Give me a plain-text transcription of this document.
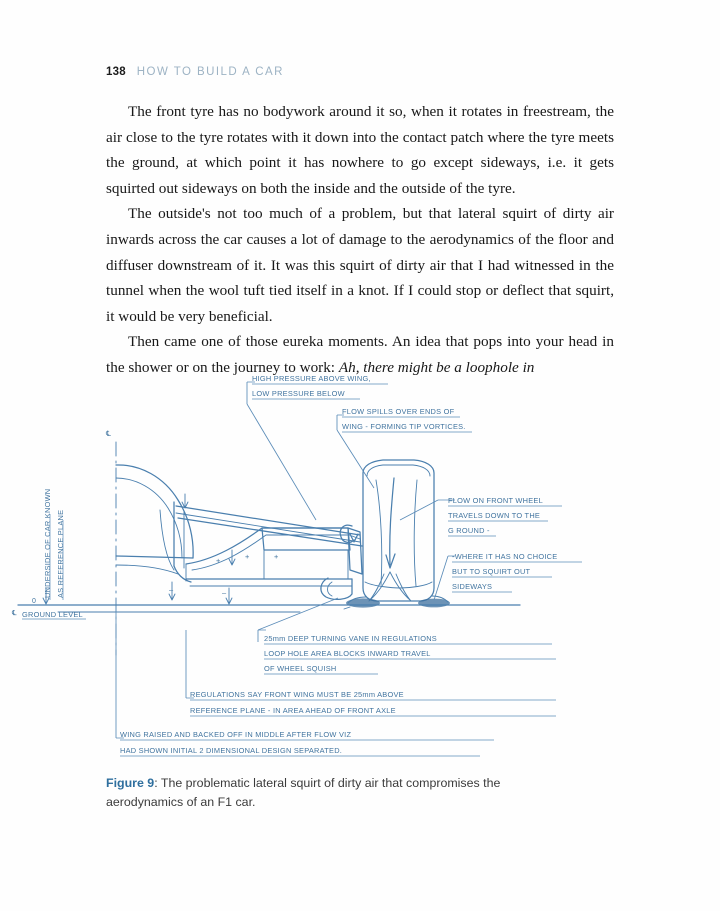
138 HOW TO BUILD A CAR

The front tyre has no bodywork around it so, when it rotates in freestream, the air close to the tyre rotates with it down into the contact patch where the tyre meets the ground, at which point it has nowhere to go except sideways, i.e. it gets squirted out sideways on both the inside and the outside of the tyre.

The outside's not too much of a problem, but that lateral squirt of dirty air inwards across the car causes a lot of damage to the aerodynamics of the floor and diffuser downstream of it. It was this squirt of dirty air that I had witnessed in the tunnel when the wool tuft tied itself in a knot. If I could stop or deflect that squirt, it would be very beneficial.

Then came one of those eureka moments. An idea that pops into your head in the shower or on the journey to work: Ah, there might be a loophole in

+	+	+
–	–
℄
0
℄ GROUND LEVEL
UNDERSIDE OF CAR KNOWN AS REFERENCE PLANE
HIGH PRESSURE ABOVE WING,
LOW PRESSURE BELOW
FLOW SPILLS OVER ENDS OF
WING - FORMING TIP VORTICES.
FLOW ON FRONT WHEEL
TRAVELS DOWN TO THE
G ROUND -
-WHERE IT HAS NO CHOICE
BUT TO SQUIRT OUT
SIDEWAYS
25mm DEEP TURNING VANE IN REGULATIONS
LOOP HOLE AREA BLOCKS INWARD TRAVEL
OF WHEEL SQUISH
REGULATIONS SAY FRONT WING MUST BE 25mm ABOVE
REFERENCE PLANE - IN AREA AHEAD OF FRONT AXLE
WING RAISED AND BACKED OFF IN MIDDLE AFTER FLOW VIZ
HAD SHOWN INITIAL 2 DIMENSIONAL DESIGN SEPARATED.
Figure 9: The problematic lateral squirt of dirty air that compromises the aerodynamics of an F1 car.
